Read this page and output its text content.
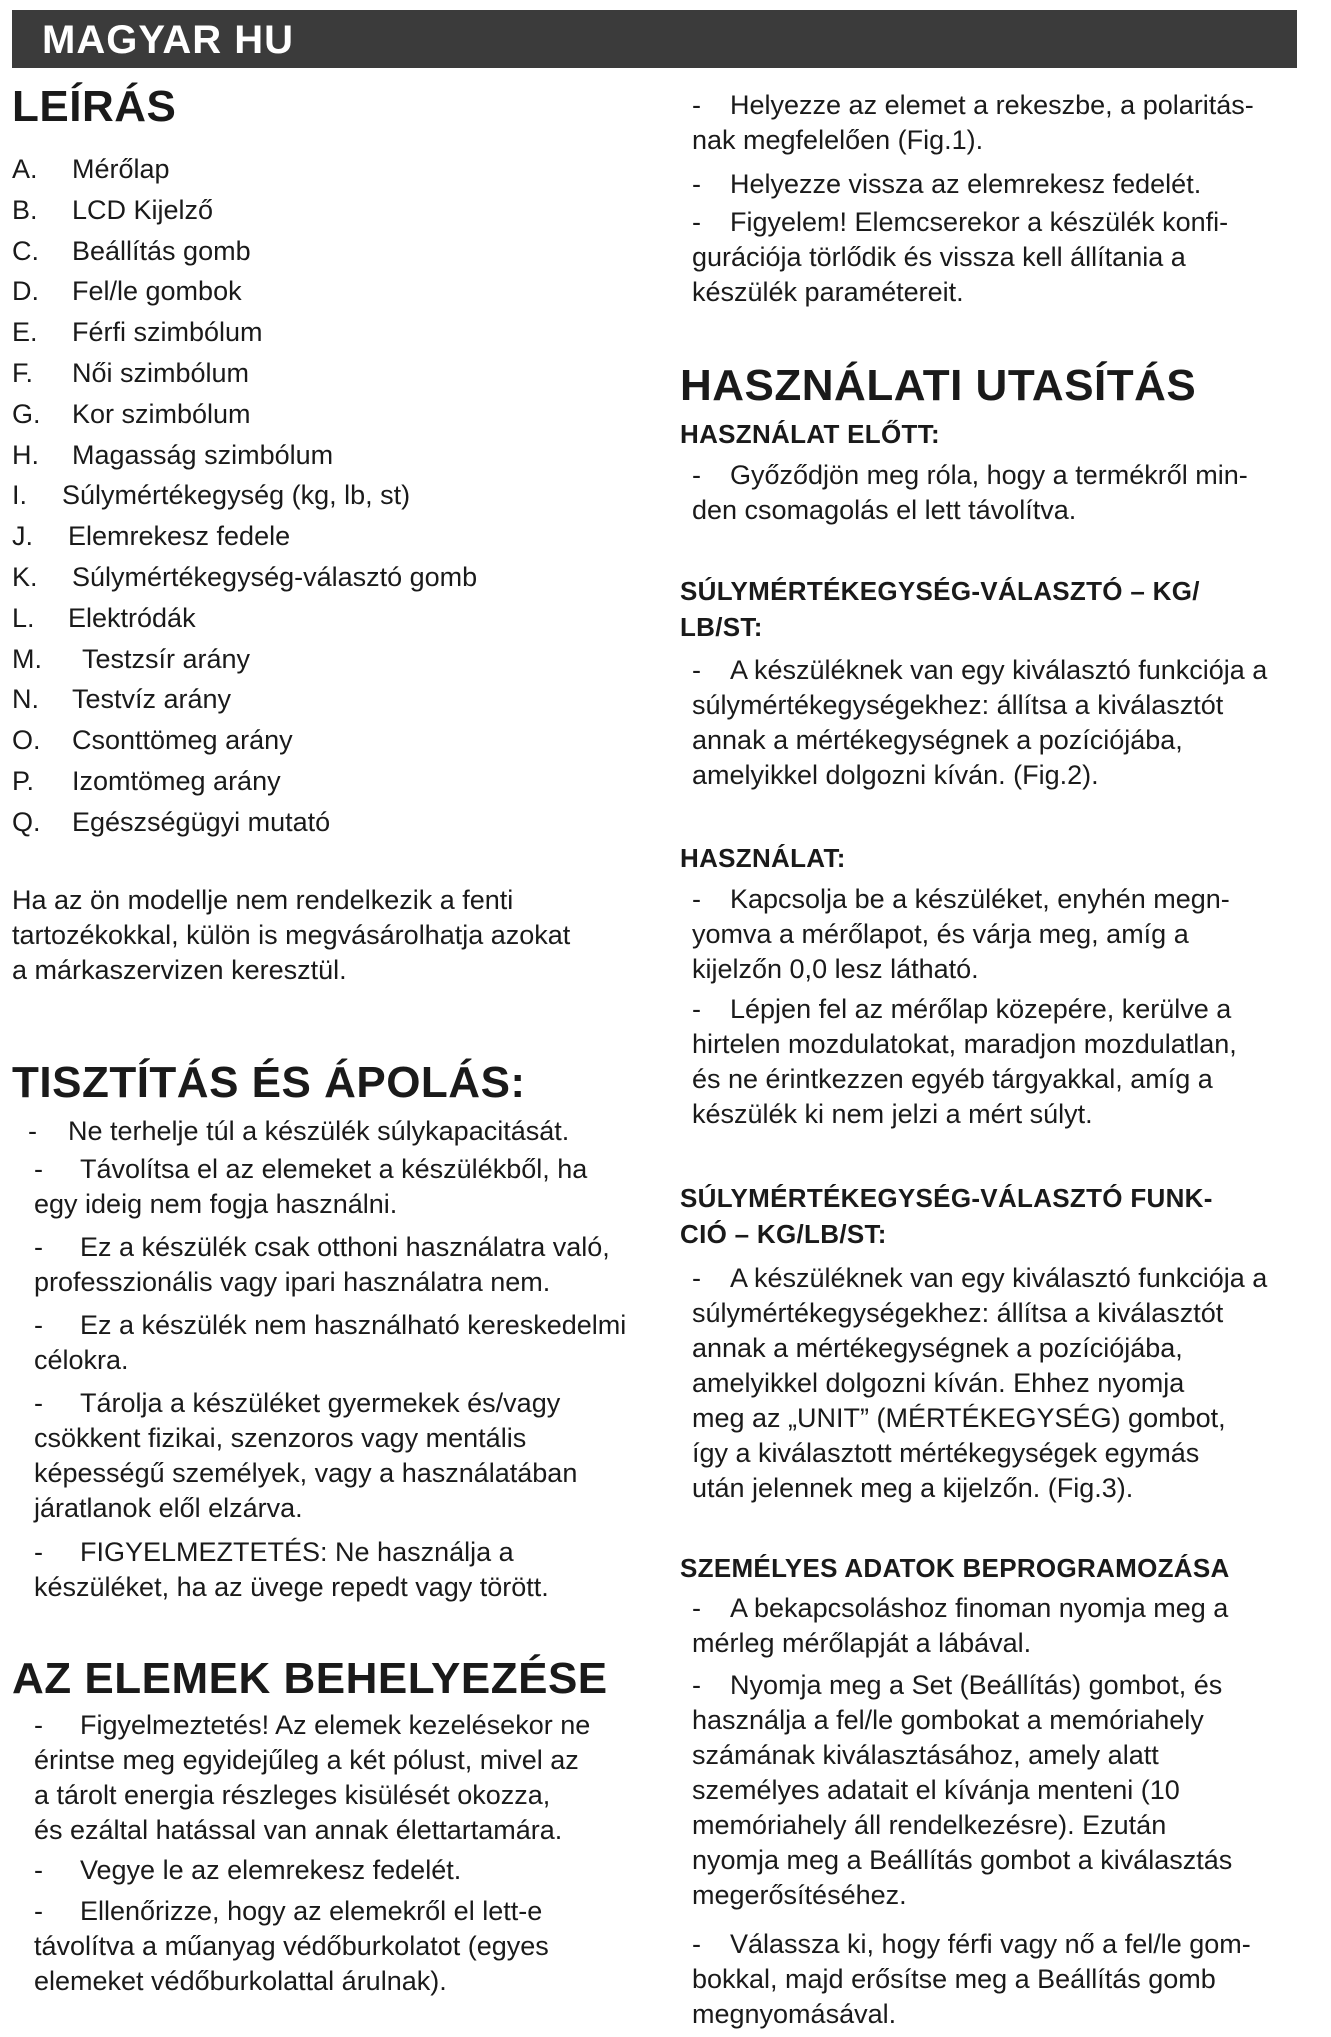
MAGYAR HU
LEÍRÁS
A. Mérőlap
B. LCD Kijelző
C. Beállítás gomb
D. Fel/le gombok
E. Férfi szimbólum
F. Női szimbólum
G. Kor szimbólum
H. Magasság szimbólum
I. Súlymértékegység (kg, lb, st)
J. Elemrekesz fedele
K. Súlymértékegység-választó gomb
L. Elektródák
M. Testzsír arány
N. Testvíz arány
O. Csonttömeg arány
P. Izomtömeg arány
Q. Egészségügyi mutató
Ha az ön modellje nem rendelkezik a fenti
tartozékokkal, külön is megvásárolhatja azokat
a márkaszervizen keresztül.
TISZTÍTÁS ÉS ÁPOLÁS:
- Ne terhelje túl a készülék súlykapacitását.
- Távolítsa el az elemeket a készülékből, ha
egy ideig nem fogja használni.
- Ez a készülék csak otthoni használatra való,
professzionális vagy ipari használatra nem.
- Ez a készülék nem használható kereskedelmi
célokra.
- Tárolja a készüléket gyermekek és/vagy
csökkent fizikai, szenzoros vagy mentális
képességű személyek, vagy a használatában
járatlanok elől elzárva.
- FIGYELMEZTETÉS: Ne használja a
készüléket, ha az üvege repedt vagy törött.
AZ ELEMEK BEHELYEZÉSE
- Figyelmeztetés! Az elemek kezelésekor ne
érintse meg egyidejűleg a két pólust, mivel az
a tárolt energia részleges kisülését okozza,
és ezáltal hatással van annak élettartamára.
- Vegye le az elemrekesz fedelét.
- Ellenőrizze, hogy az elemekről el lett-e
távolítva a műanyag védőburkolatot (egyes
elemeket védőburkolattal árulnak).
- Helyezze az elemet a rekeszbe, a polaritás-
nak megfelelően (Fig.1).
- Helyezze vissza az elemrekesz fedelét.
- Figyelem! Elemcserekor a készülék konfi-
gurációja törlődik és vissza kell állítania a
készülék paramétereit.
HASZNÁLATI UTASÍTÁS
HASZNÁLAT ELŐTT:
- Győződjön meg róla, hogy a termékről min-
den csomagolás el lett távolítva.
SÚLYMÉRTÉKEGYSÉG-VÁLASZTÓ – KG/
LB/ST:
- A készüléknek van egy kiválasztó funkciója a
súlymértékegységekhez: állítsa a kiválasztót
annak a mértékegységnek a pozíciójába,
amelyikkel dolgozni kíván. (Fig.2).
HASZNÁLAT:
- Kapcsolja be a készüléket, enyhén megn-
yomva a mérőlapot, és várja meg, amíg a
kijelzőn 0,0 lesz látható.
- Lépjen fel az mérőlap közepére, kerülve a
hirtelen mozdulatokat, maradjon mozdulatlan,
és ne érintkezzen egyéb tárgyakkal, amíg a
készülék ki nem jelzi a mért súlyt.
SÚLYMÉRTÉKEGYSÉG-VÁLASZTÓ FUNK-
CIÓ – KG/LB/ST:
- A készüléknek van egy kiválasztó funkciója a
súlymértékegységekhez: állítsa a kiválasztót
annak a mértékegységnek a pozíciójába,
amelyikkel dolgozni kíván. Ehhez nyomja
meg az „UNIT” (MÉRTÉKEGYSÉG) gombot,
így a kiválasztott mértékegységek egymás
után jelennek meg a kijelzőn. (Fig.3).
SZEMÉLYES ADATOK BEPROGRAMOZÁSA
- A bekapcsoláshoz finoman nyomja meg a
mérleg mérőlapját a lábával.
- Nyomja meg a Set (Beállítás) gombot, és
használja a fel/le gombokat a memóriahely
számának kiválasztásához, amely alatt
személyes adatait el kívánja menteni (10
memóriahely áll rendelkezésre). Ezután
nyomja meg a Beállítás gombot a kiválasztás
megerősítéséhez.
- Válassza ki, hogy férfi vagy nő a fel/le gom-
bokkal, majd erősítse meg a Beállítás gomb
megnyomásával.
